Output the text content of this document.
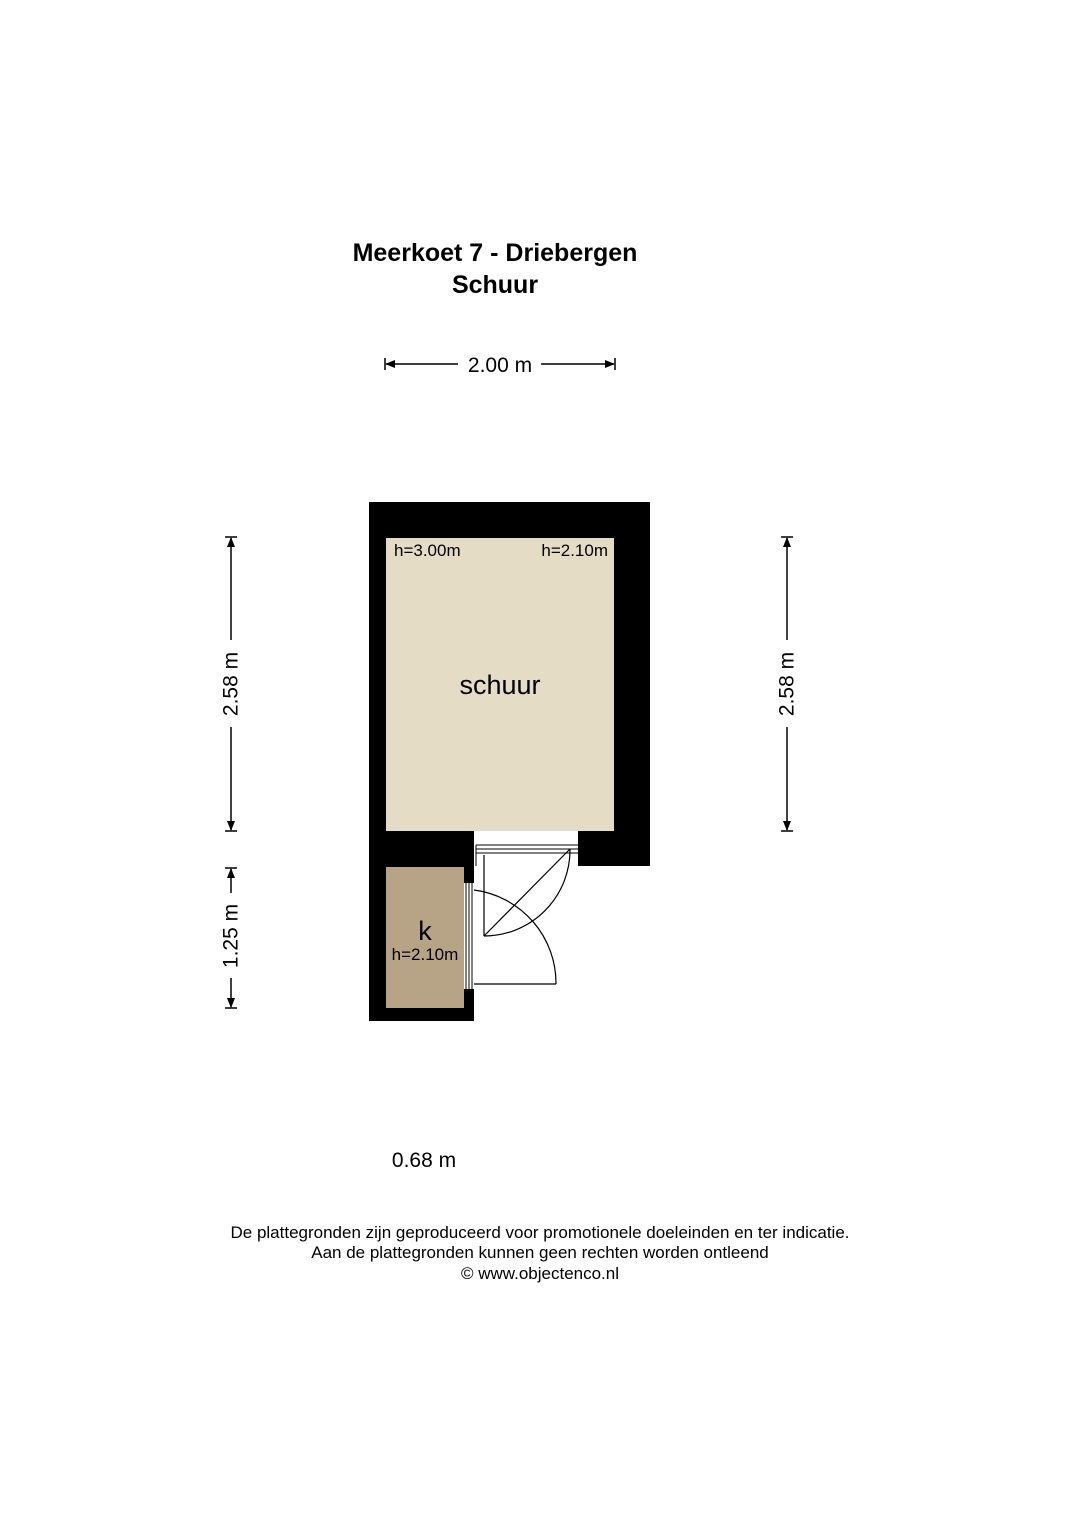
Meerkoet 7 - Driebergen
Schuur
2.00 m
2.58 m
1.25 m
2.58 m
schuur
h=3.00m	h=2.10m
k
h=2.10m
0.68 m
De plattegronden zijn geproduceerd voor promotionele doeleinden en ter indicatie.
Aan de plattegronden kunnen geen rechten worden ontleend
© www.objectenco.nl
